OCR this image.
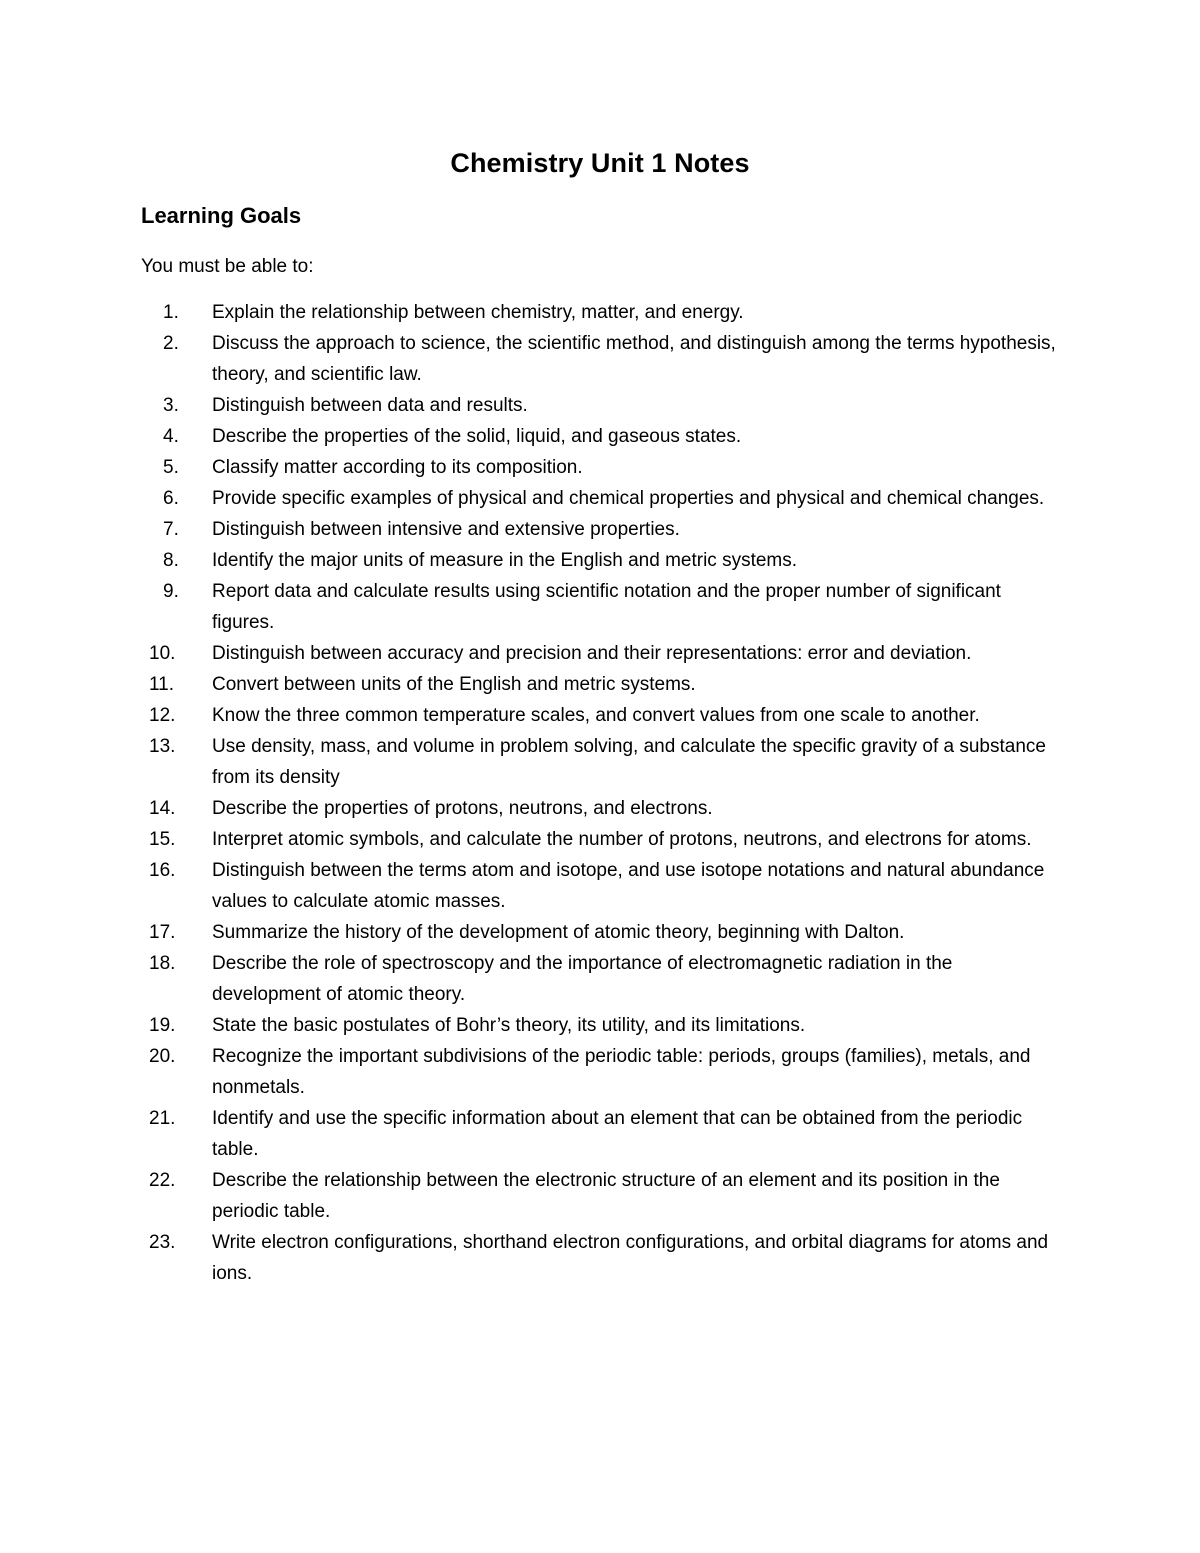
Chemistry Unit 1 Notes
Learning Goals
You must be able to:
1.	Explain the relationship between chemistry, matter, and energy.
2.	Discuss the approach to science, the scientific method, and distinguish among the terms hypothesis, theory, and scientific law.
3.	Distinguish between data and results.
4.	Describe the properties of the solid, liquid, and gaseous states.
5.	Classify matter according to its composition.
6.	Provide specific examples of physical and chemical properties and physical and chemical changes.
7.	Distinguish between intensive and extensive properties.
8.	Identify the major units of measure in the English and metric systems.
9.	Report data and calculate results using scientific notation and the proper number of significant figures.
10.	Distinguish between accuracy and precision and their representations: error and deviation.
11.	Convert between units of the English and metric systems.
12.	Know the three common temperature scales, and convert values from one scale to another.
13.	Use density, mass, and volume in problem solving, and calculate the specific gravity of a substance from its density
14.	Describe the properties of protons, neutrons, and electrons.
15.	Interpret atomic symbols, and calculate the number of protons, neutrons, and electrons for atoms.
16.	Distinguish between the terms atom and isotope, and use isotope notations and natural abundance values to calculate atomic masses.
17.	Summarize the history of the development of atomic theory, beginning with Dalton.
18.	Describe the role of spectroscopy and the importance of electromagnetic radiation in the development of atomic theory.
19.	State the basic postulates of Bohr’s theory, its utility, and its limitations.
20.	Recognize the important subdivisions of the periodic table: periods, groups (families), metals, and nonmetals.
21.	Identify and use the specific information about an element that can be obtained from the periodic table.
22.	Describe the relationship between the electronic structure of an element and its position in the periodic table.
23.	Write electron configurations, shorthand electron configurations, and orbital diagrams for atoms and ions.
